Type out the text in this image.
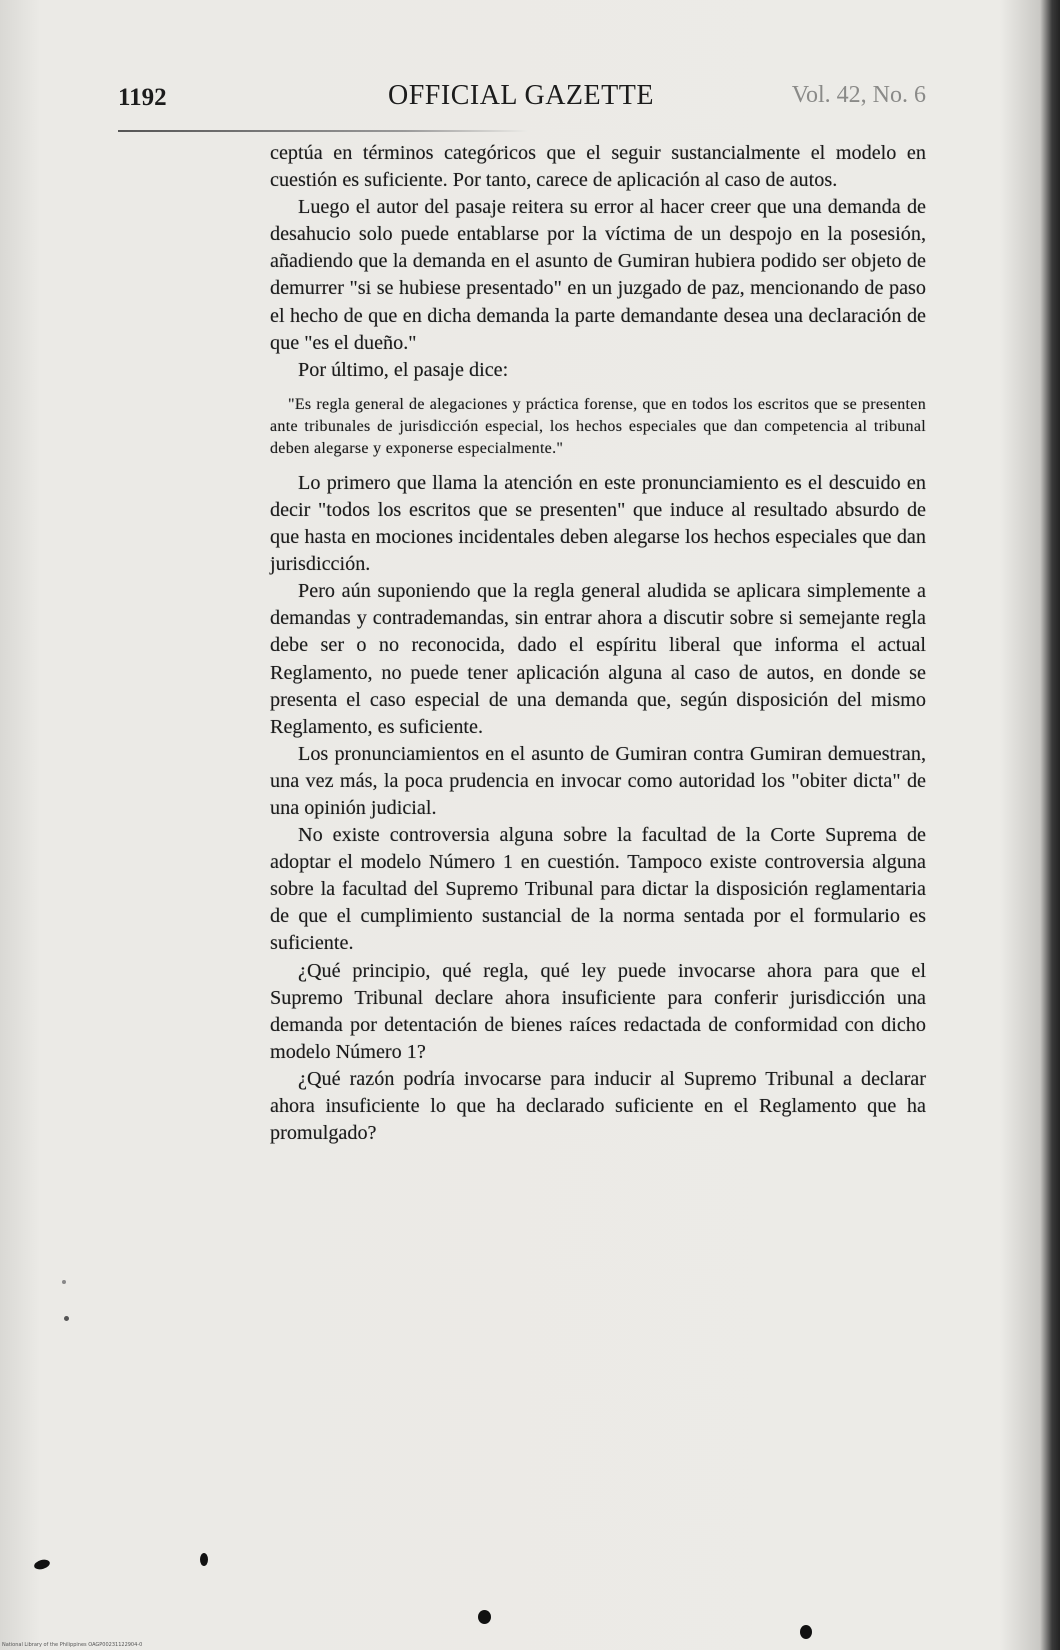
1192	OFFICIAL GAZETTE	Vol. 42, No. 6

ceptúa en términos categóricos que el seguir sustancialmente el modelo en cuestión es suficiente. Por tanto, carece de aplicación al caso de autos.

Luego el autor del pasaje reitera su error al hacer creer que una demanda de desahucio solo puede entablarse por la víctima de un despojo en la posesión, añadiendo que la demanda en el asunto de Gumiran hubiera podido ser objeto de demurrer "si se hubiese presentado" en un juzgado de paz, mencionando de paso el hecho de que en dicha demanda la parte demandante desea una declaración de que "es el dueño."

Por último, el pasaje dice:

"Es regla general de alegaciones y práctica forense, que en todos los escritos que se presenten ante tribunales de jurisdicción especial, los hechos especiales que dan competencia al tribunal deben alegarse y exponerse especialmente."

Lo primero que llama la atención en este pronunciamiento es el descuido en decir "todos los escritos que se presenten" que induce al resultado absurdo de que hasta en mociones incidentales deben alegarse los hechos especiales que dan jurisdicción.

Pero aún suponiendo que la regla general aludida se aplicara simplemente a demandas y contrademandas, sin entrar ahora a discutir sobre si semejante regla debe ser o no reconocida, dado el espíritu liberal que informa el actual Reglamento, no puede tener aplicación alguna al caso de autos, en donde se presenta el caso especial de una demanda que, según disposición del mismo Reglamento, es suficiente.

Los pronunciamientos en el asunto de Gumiran contra Gumiran demuestran, una vez más, la poca prudencia en invocar como autoridad los "obiter dicta" de una opinión judicial.

No existe controversia alguna sobre la facultad de la Corte Suprema de adoptar el modelo Número 1 en cuestión. Tampoco existe controversia alguna sobre la facultad del Supremo Tribunal para dictar la disposición reglamentaria de que el cumplimiento sustancial de la norma sentada por el formulario es suficiente.

¿Qué principio, qué regla, qué ley puede invocarse ahora para que el Supremo Tribunal declare ahora insuficiente para conferir jurisdicción una demanda por detentación de bienes raíces redactada de conformidad con dicho modelo Número 1?

¿Qué razón podría invocarse para inducir al Supremo Tribunal a declarar ahora insuficiente lo que ha declarado suficiente en el Reglamento que ha promulgado?

National Library of the Philippines OAGP00231122904-0
